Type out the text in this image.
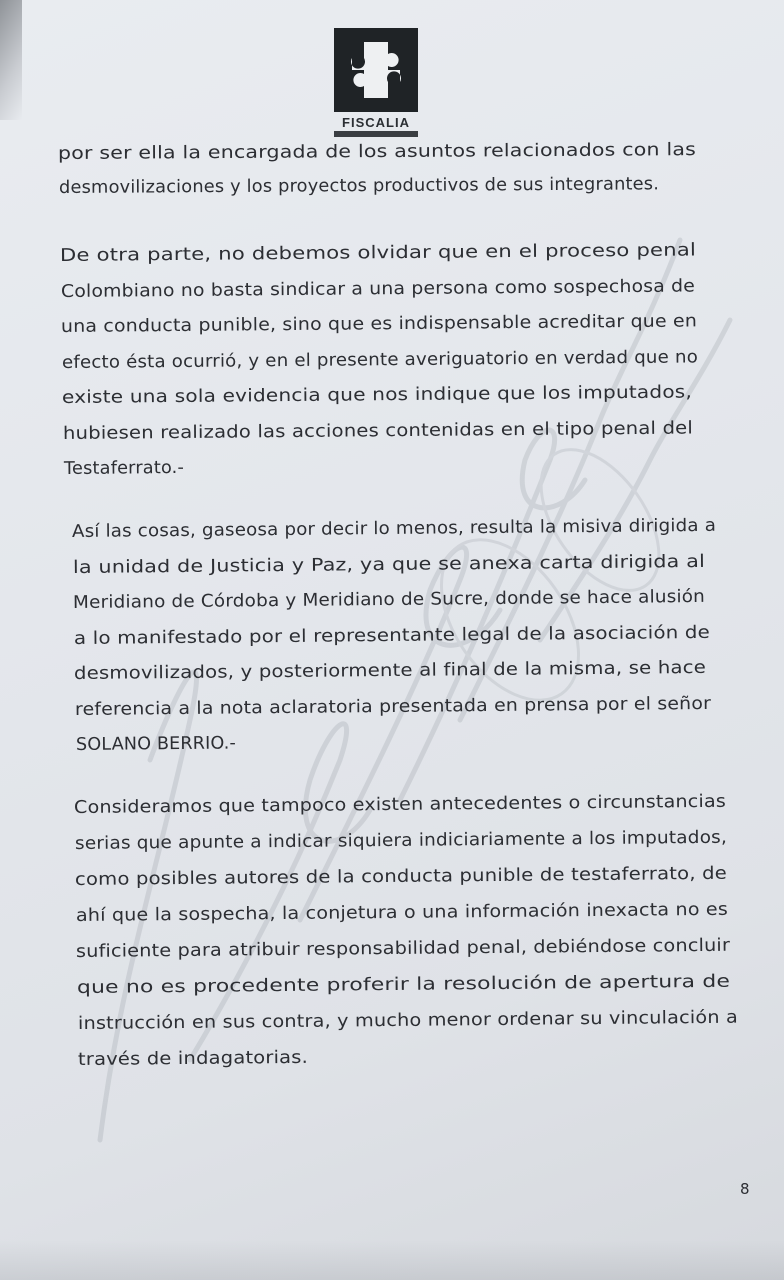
FISCALIA
por ser ella la encargada de los asuntos relacionados con las
desmovilizaciones y los proyectos productivos de sus integrantes.
De otra parte, no debemos olvidar que en el proceso penal
Colombiano no basta sindicar a una persona como sospechosa de
una conducta punible, sino que es indispensable acreditar que en
efecto ésta ocurrió, y en el presente averiguatorio en verdad que no
existe una sola evidencia que nos indique que los imputados,
hubiesen realizado las acciones contenidas en el tipo penal del
Testaferrato.-
Así las cosas, gaseosa por decir lo menos, resulta la misiva dirigida a
la unidad de Justicia y Paz, ya que se anexa carta dirigida al
Meridiano de Córdoba y Meridiano de Sucre, donde se hace alusión
a lo manifestado por el representante legal de la asociación de
desmovilizados, y posteriormente al final de la misma, se hace
referencia a la nota aclaratoria presentada en prensa por el señor
SOLANO BERRIO.-
Consideramos que tampoco existen antecedentes o circunstancias
serias que apunte a indicar siquiera indiciariamente a los imputados,
como posibles autores de la conducta punible de testaferrato, de
ahí que la sospecha, la conjetura o una información inexacta no es
suficiente para atribuir responsabilidad penal, debiéndose concluir
que no es procedente proferir la resolución de apertura de
instrucción en sus contra, y mucho menor ordenar su vinculación a
través de indagatorias.
8
